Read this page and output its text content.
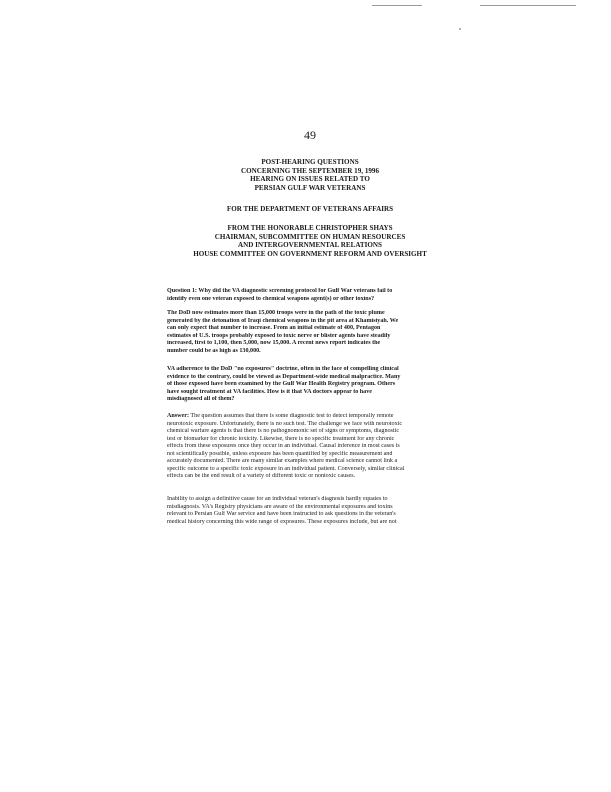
49
POST-HEARING QUESTIONS
CONCERNING THE SEPTEMBER 19, 1996
HEARING ON ISSUES RELATED TO
PERSIAN GULF WAR VETERANS
FOR THE DEPARTMENT OF VETERANS AFFAIRS
FROM THE HONORABLE CHRISTOPHER SHAYS
CHAIRMAN, SUBCOMMITTEE ON HUMAN RESOURCES
AND INTERGOVERNMENTAL RELATIONS
HOUSE COMMITTEE ON GOVERNMENT REFORM AND OVERSIGHT
Question 1: Why did the VA diagnostic screening protocol for Gulf War veterans fail to
identify even one veteran exposed to chemical weapons agent(s) or other toxins?
The DoD now estimates more than 15,000 troops were in the path of the toxic plume
generated by the detonation of Iraqi chemical weapons in the pit area at Khamisiyah. We
can only expect that number to increase. From an initial estimate of 400, Pentagon
estimates of U.S. troops probably exposed to toxic nerve or blister agents have steadily
increased, first to 1,100, then 5,000, now 15,000. A recent news report indicates the
number could be as high as 130,000.
VA adherence to the DoD "no exposures" doctrine, often in the face of compelling clinical
evidence to the contrary, could be viewed as Department-wide medical malpractice. Many
of those exposed have been examined by the Gulf War Health Registry program. Others
have sought treatment at VA facilities. How is it that VA doctors appear to have
misdiagnosed all of them?
Answer: The question assumes that there is some diagnostic test to detect temporally remote
neurotoxic exposure. Unfortunately, there is no such test. The challenge we face with neurotoxic
chemical warfare agents is that there is no pathognomonic set of signs or symptoms, diagnostic
test or biomarker for chronic toxicity. Likewise, there is no specific treatment for any chronic
effects from these exposures once they occur in an individual. Causal inference in most cases is
not scientifically possible, unless exposure has been quantified by specific measurement and
accurately documented. There are many similar examples where medical science cannot link a
specific outcome to a specific toxic exposure in an individual patient. Conversely, similar clinical
effects can be the end result of a variety of different toxic or nontoxic causes.
Inability to assign a definitive cause for an individual veteran's diagnosis hardly equates to
misdiagnosis. VA's Registry physicians are aware of the environmental exposures and toxins
relevant to Persian Gulf War service and have been instructed to ask questions in the veteran's
medical history concerning this wide range of exposures. These exposures include, but are not
